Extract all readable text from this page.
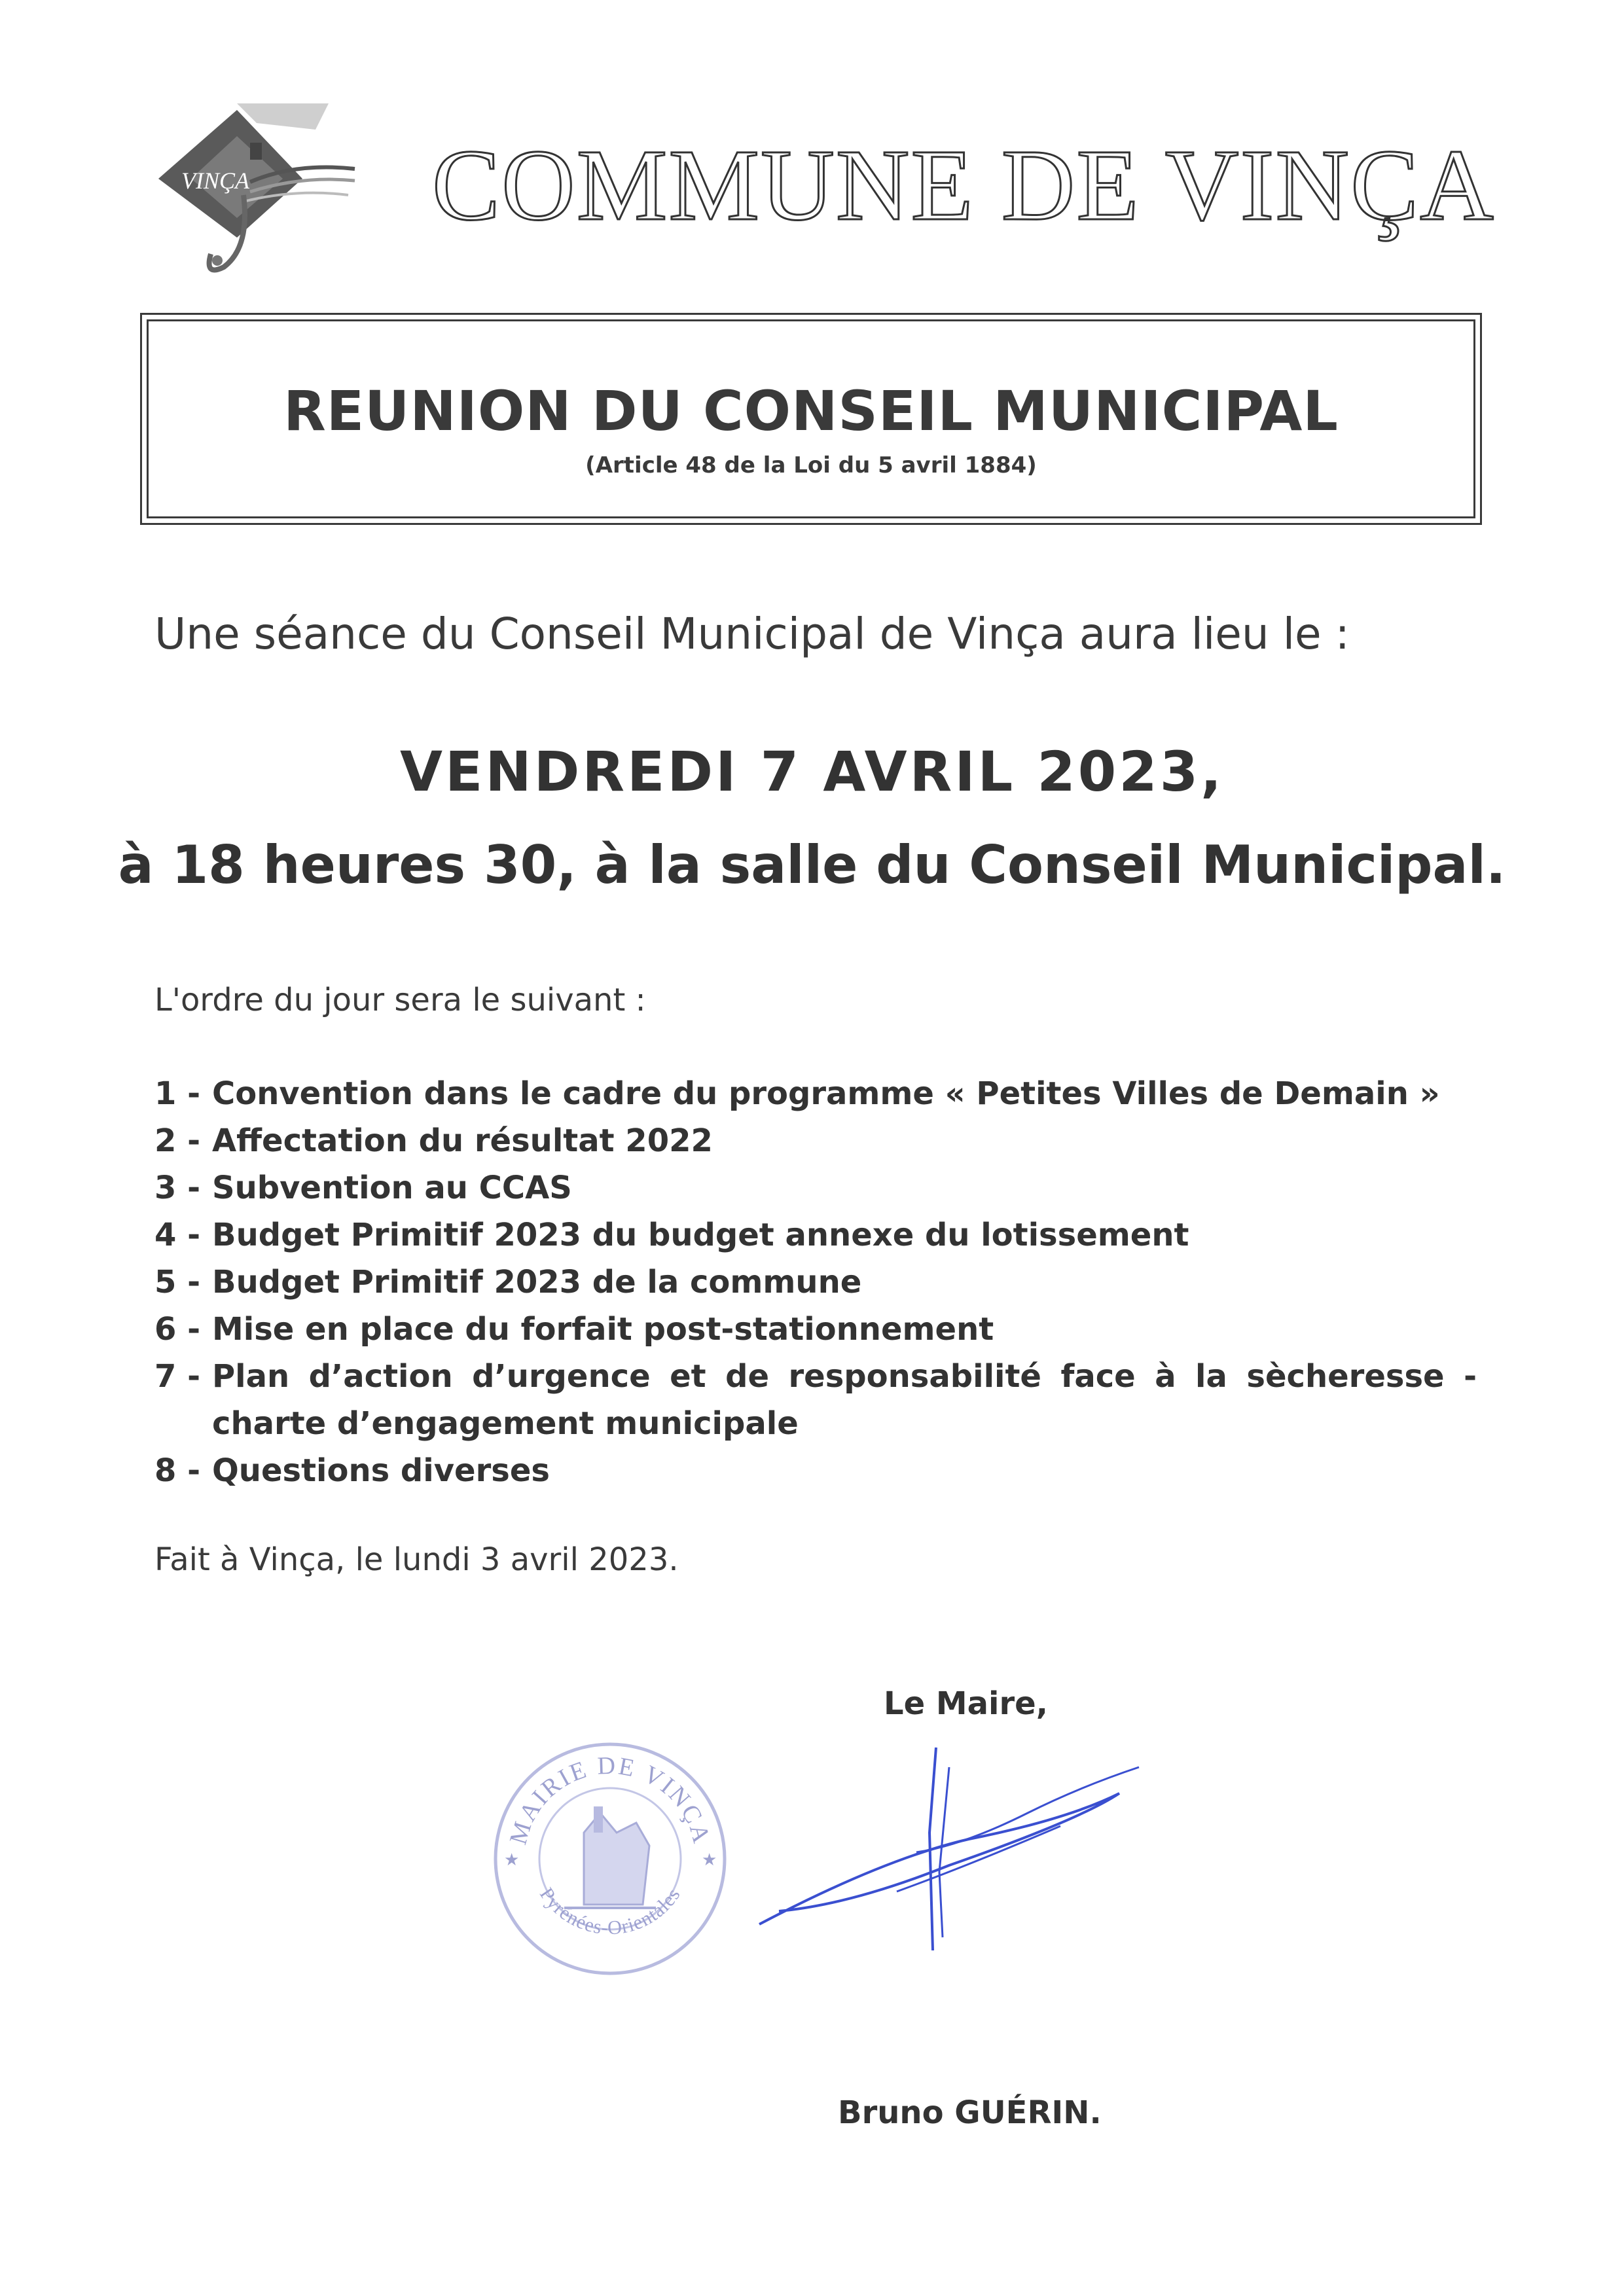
VINÇA COMMUNE DE VINÇA
REUNION DU CONSEIL MUNICIPAL
(Article 48 de la Loi du 5 avril 1884)
Une séance du Conseil Municipal de Vinça aura lieu le :
VENDREDI 7 AVRIL 2023,
à 18 heures 30, à la salle du Conseil Municipal.
L'ordre du jour sera le suivant :
1 - Convention dans le cadre du programme « Petites Villes de Demain »
2 - Affectation du résultat 2022
3 - Subvention au CCAS
4 - Budget Primitif 2023 du budget annexe du lotissement
5 - Budget Primitif 2023 de la commune
6 - Mise en place du forfait post-stationnement
7 - Plan d’action d’urgence et de responsabilité face à la sècheresse - charte d’engagement municipale
8 - Questions diverses
Fait à Vinça, le lundi 3 avril 2023.
Le Maire,
MAIRIE DE VINÇA
Pyrénées-Orientales
★	★
Bruno GUÉRIN.
